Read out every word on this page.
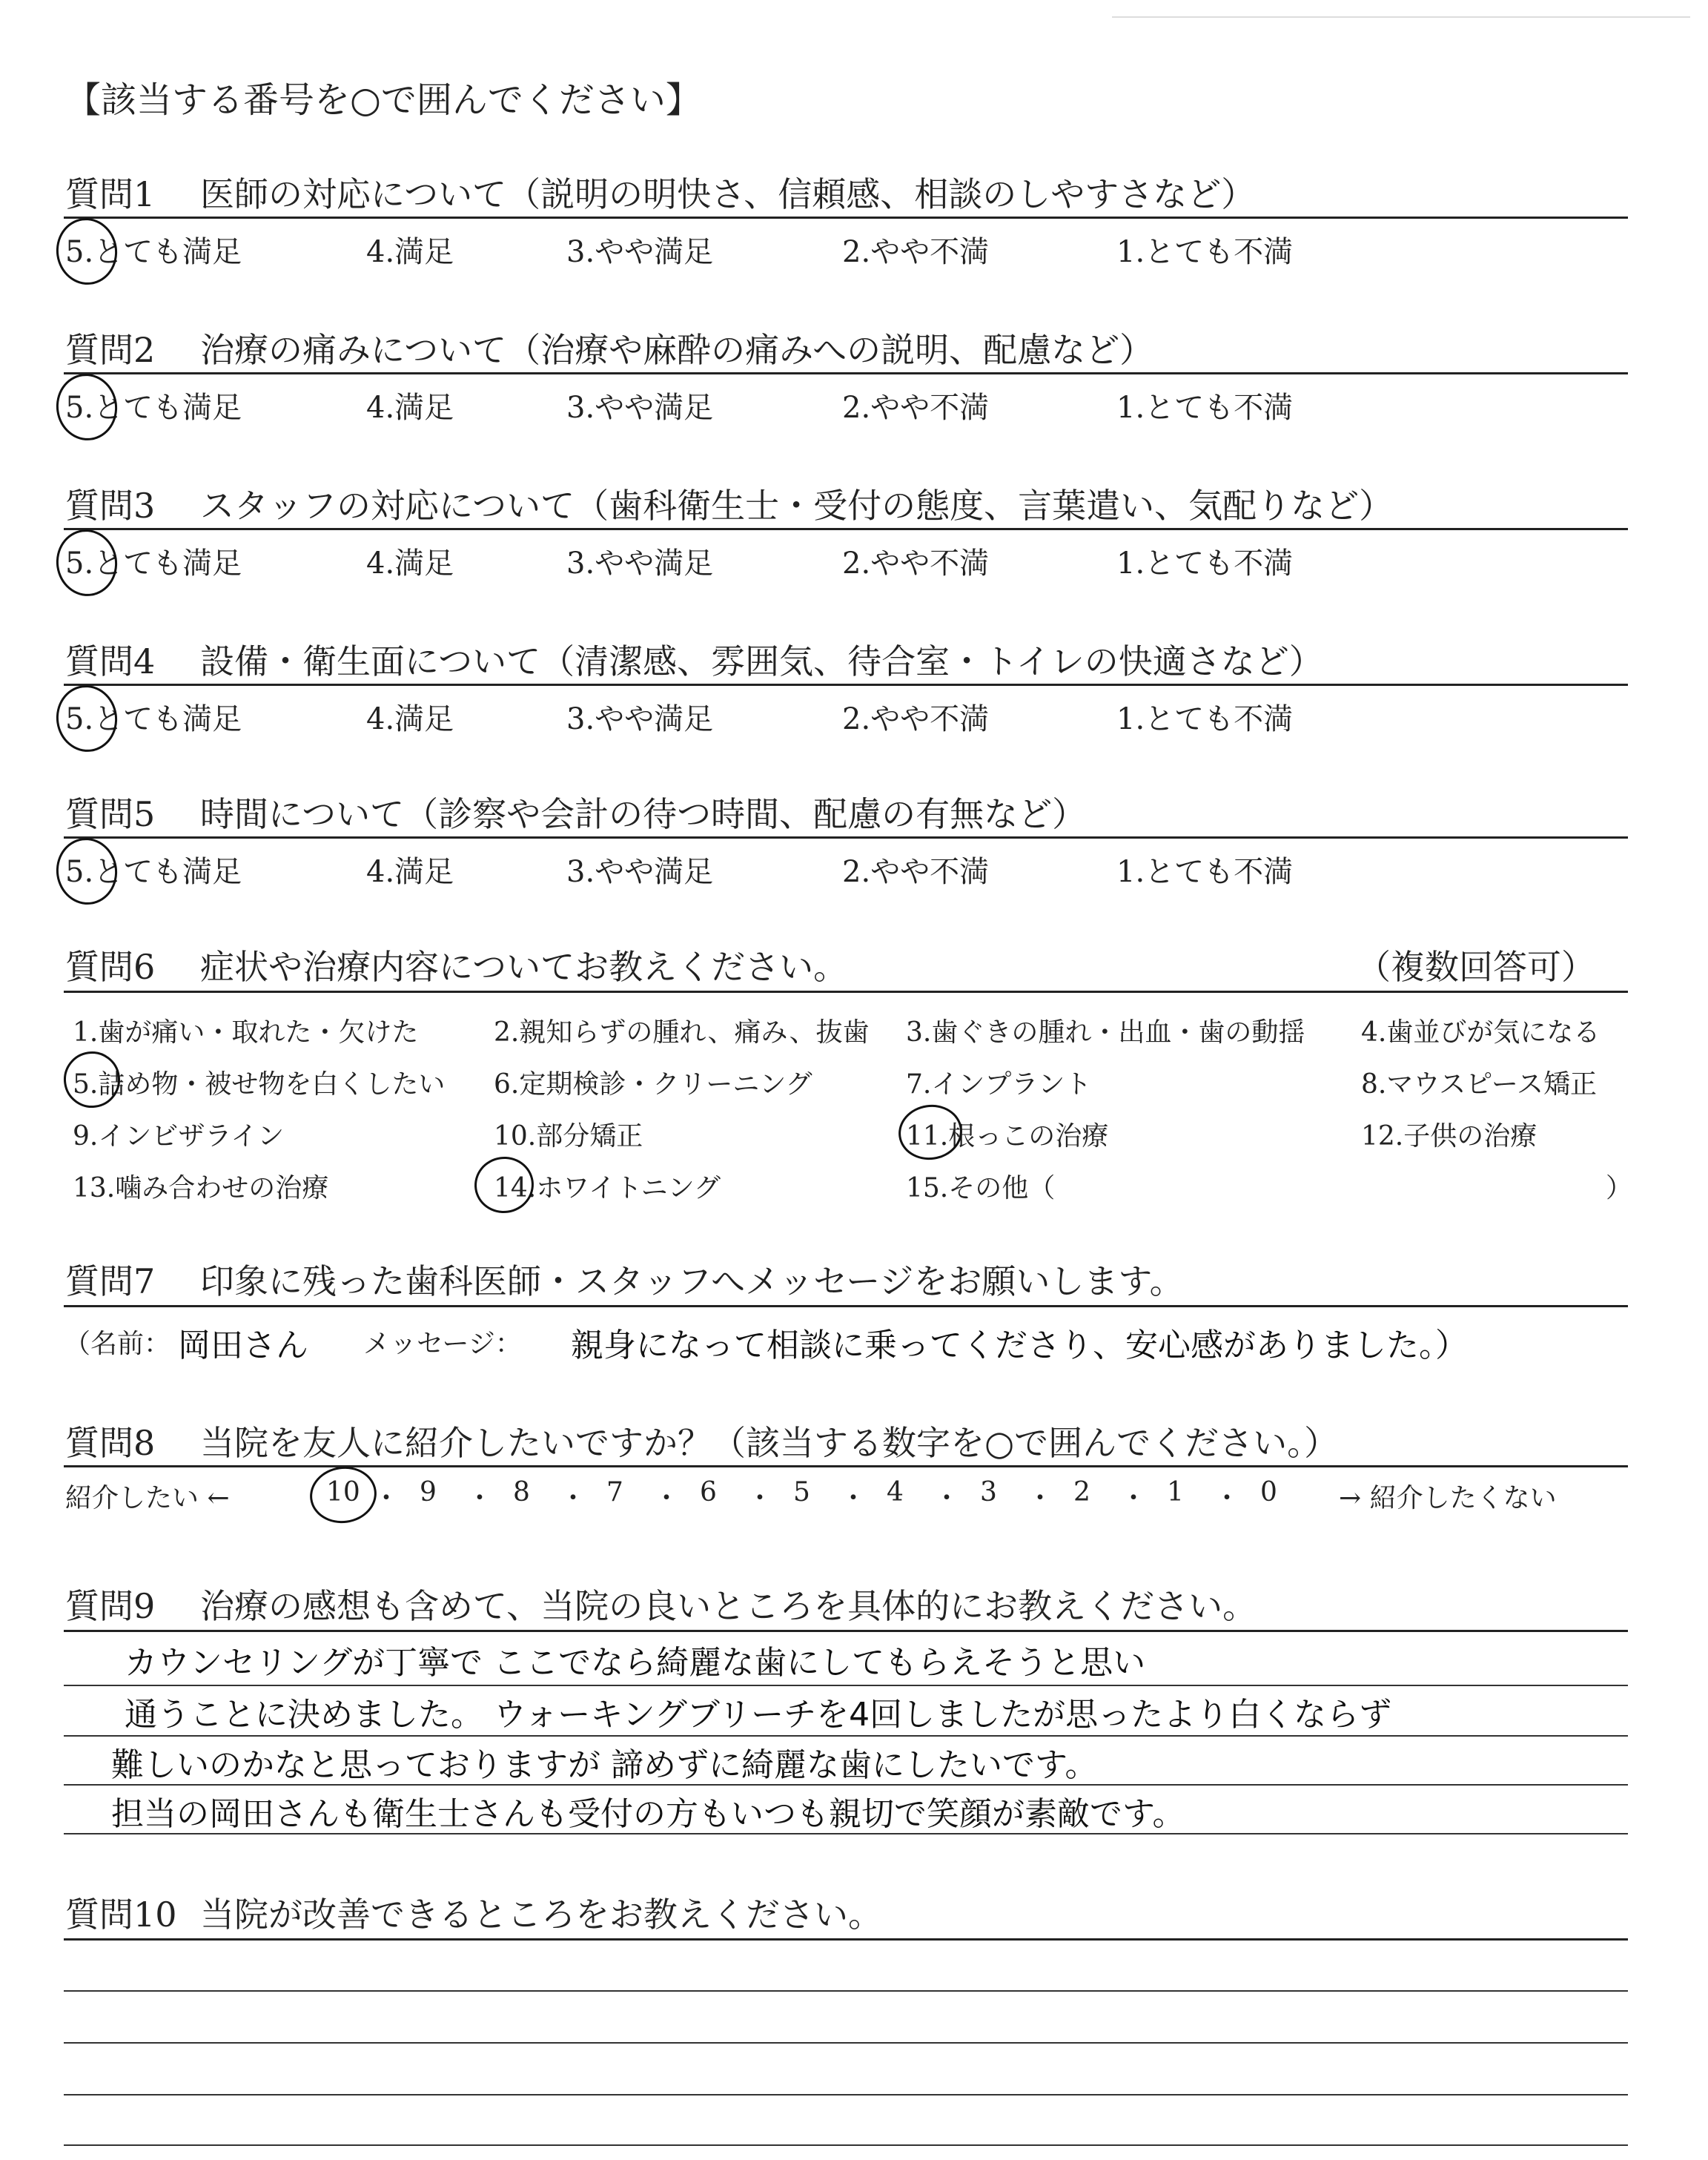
【該当する番号を○で囲んでください】
質問1 医師の対応について（説明の明快さ、信頼感、相談のしやすさなど）
5.とても満足	4.満足	3.やや満足	2.やや不満	1.とても不満
質問2 治療の痛みについて（治療や麻酔の痛みへの説明、配慮など）
5.とても満足	4.満足	3.やや満足	2.やや不満	1.とても不満
質問3 スタッフの対応について（歯科衛生士・受付の態度、言葉遣い、気配りなど）
5.とても満足	4.満足	3.やや満足	2.やや不満	1.とても不満
質問4 設備・衛生面について（清潔感、雰囲気、待合室・トイレの快適さなど）
5.とても満足	4.満足	3.やや満足	2.やや不満	1.とても不満
質問5 時間について（診察や会計の待つ時間、配慮の有無など）
5.とても満足	4.満足	3.やや満足	2.やや不満	1.とても不満
質問6 症状や治療内容についてお教えください。	（複数回答可）
1.歯が痛い・取れた・欠けた	2.親知らずの腫れ、痛み、抜歯 3.歯ぐきの腫れ・出血・歯の動揺 4.歯並びが気になる
5.詰め物・被せ物を白くしたい 6.定期検診・クリーニング	7.インプラント	8.マウスピース矯正
9.インビザライン	10.部分矯正	11.根っこの治療	12.子供の治療
13.噛み合わせの治療	14.ホワイトニング	15.その他（	）
質問7 印象に残った歯科医師・スタッフへメッセージをお願いします。
（名前： 岡田さん メッセージ： 親身になって相談に乗ってくださり、安心感がありました。）
質問8 当院を友人に紹介したいですか？（該当する数字を○で囲んでください。）
紹介したい ←	10 ・ 9 ・ 8 ・ 7 ・ 6 ・ 5 ・ 4 ・ 3 ・ 2 ・ 1 ・ 0 → 紹介したくない
質問9 治療の感想も含めて、当院の良いところを具体的にお教えください。
カウンセリングが丁寧で ここでなら綺麗な歯にしてもらえそうと思い
通うことに決めました。 ウォーキングブリーチを4回しましたが思ったより白くならず
難しいのかなと思っておりますが 諦めずに綺麗な歯にしたいです。
担当の岡田さんも衛生士さんも受付の方もいつも親切で笑顔が素敵です。
質問10 当院が改善できるところをお教えください。
